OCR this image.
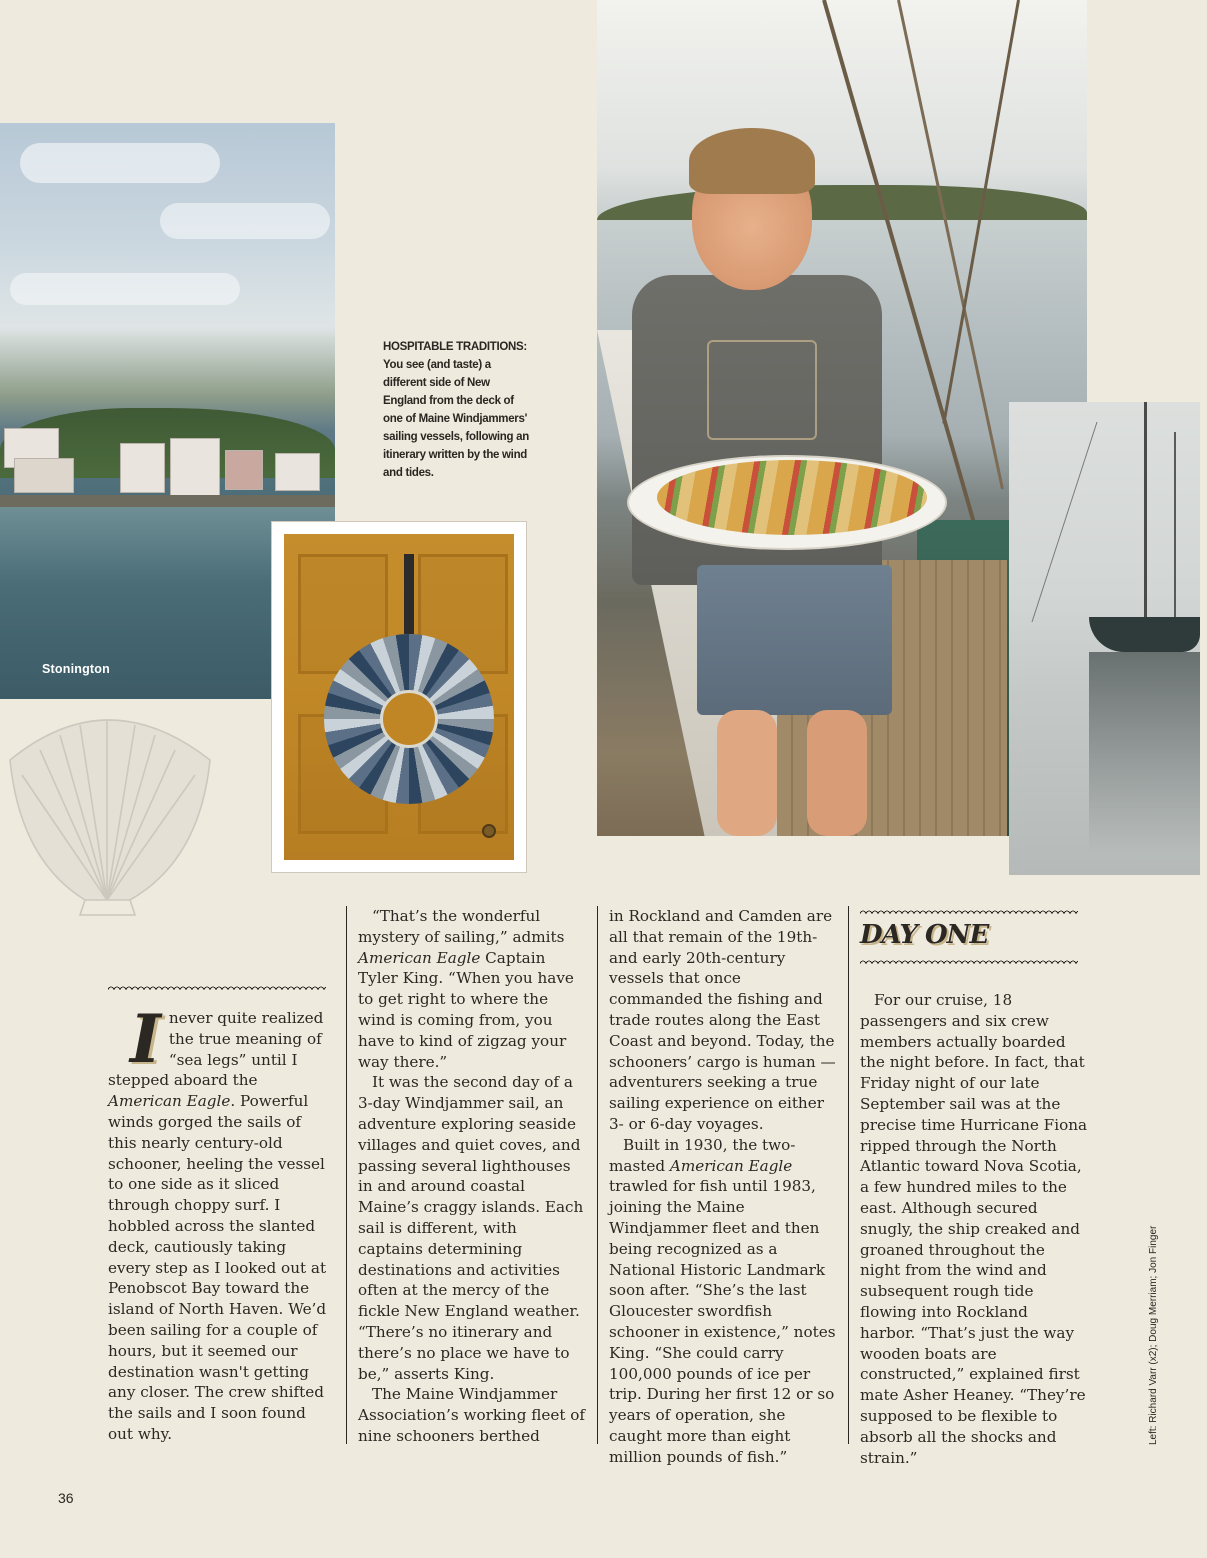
Stonington
HOSPITABLE TRADITIONS:
You see (and taste) a different side of New England from the deck of one of Maine Windjammers' sailing vessels, following an itinerary written by the wind and tides.

I never quite realized the true meaning of “sea legs” until I stepped aboard the American Eagle. Powerful winds gorged the sails of this nearly century-old schooner, heeling the vessel to one side as it sliced through choppy surf. I hobbled across the slanted deck, cautiously taking every step as I looked out at Penobscot Bay toward the island of North Haven. We’d been sailing for a couple of hours, but it seemed our destination wasn't getting any closer. The crew shifted the sails and I soon found out why.

“That’s the wonderful mystery of sailing,” admits American Eagle Captain Tyler King. “When you have to get right to where the wind is coming from, you have to kind of zigzag your way there.”

It was the second day of a 3-day Windjammer sail, an adventure exploring seaside villages and quiet coves, and passing several lighthouses in and around coastal Maine’s craggy islands. Each sail is different, with captains determining destinations and activities often at the mercy of the fickle New England weather. “There’s no itinerary and there’s no place we have to be,” asserts King.

The Maine Windjammer Association’s working fleet of nine schooners berthed

in Rockland and Camden are all that remain of the 19th- and early 20th-century vessels that once commanded the fishing and trade routes along the East Coast and beyond. Today, the schooners’ cargo is human — adventurers seeking a true sailing experience on either 3- or 6-day voyages.

Built in 1930, the two-masted American Eagle trawled for fish until 1983, joining the Maine Windjammer fleet and then being recognized as a National Historic Landmark soon after. “She’s the last Gloucester swordfish schooner in existence,” notes King. “She could carry 100,000 pounds of ice per trip. During her first 12 or so years of operation, she caught more than eight million pounds of fish.”

DAY ONE

For our cruise, 18 passengers and six crew members actually boarded the night before. In fact, that Friday night of our late September sail was at the precise time Hurricane Fiona ripped through the North Atlantic toward Nova Scotia, a few hundred miles to the east. Although secured snugly, the ship creaked and groaned throughout the night from the wind and subsequent rough tide flowing into Rockland harbor. “That’s just the way wooden boats are constructed,” explained first mate Asher Heaney. “They’re supposed to be flexible to absorb all the shocks and strain.”

36
Left: Richard Varr (x2); Doug Merriam; Jon Finger
